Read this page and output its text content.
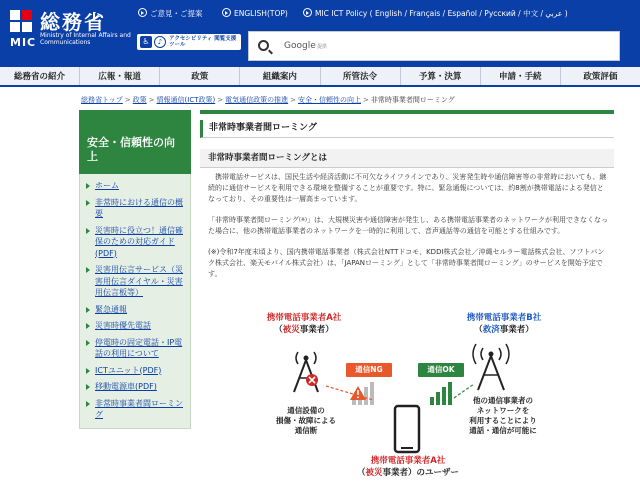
総務省
MIC
Ministry of Internal Affairs and Communications	♿	♪	アクセシビリティ 閲覧支援ツール
ご意見・ご提案	ENGLISH(TOP)	MIC ICT Policy ( English / Français / Español / Русский / 中文 / عربي )
Google 提供
総務省の紹介	広報・報道	政策	組織案内	所管法令	予算・決算	申請・手続	政策評価
総務省トップ > 政策 > 情報通信(ICT政策) > 電気通信政策の推進 > 安全・信頼性の向上 > 非常時事業者間ローミング
安全・信頼性の向上
ホーム
非常時における通信の概要
災害時に役立つ！通信確保のための対応ガイド(PDF)
災害用伝言サービス（災害用伝言ダイヤル・災害用伝言板等）
緊急通報
災害時優先電話
停電時の固定電話・IP電話の利用について
ICTユニット(PDF)
移動電源車(PDF)
非常時事業者間ローミング
非常時事業者間ローミング
非常時事業者間ローミングとは

携帯電話サービスは、国民生活や経済活動に不可欠なライフラインであり、災害発生時や通信障害等の非常時においても、継続的に通信サービスを利用できる環境を整備することが重要です。特に、緊急通報については、約8割が携帯電話による発信となっており、その重要性は一層高まっています。

「非常時事業者間ローミング(※)」は、大規模災害や通信障害が発生し、ある携帯電話事業者のネットワークが利用できなくなった場合に、他の携帯電話事業者のネットワークを一時的に利用して、音声通話等の通信を可能とする仕組みです。

(※)令和7年度末頃より、国内携帯電話事業者（株式会社NTTドコモ、KDDI株式会社／沖縄セルラー電話株式会社、ソフトバンク株式会社、楽天モバイル株式会社）は、「JAPANローミング」として「非常時事業者間ローミング」のサービスを開始予定です。

携帯電話事業者A社
（被災事業者）
携帯電話事業者B社
（救済事業者）
通信NG	通信OK
通信設備の
損傷・故障による
通信断
他の通信事業者の
ネットワークを
利用することにより
通話・通信が可能に
携帯電話事業者A社
（被災事業者）のユーザー
